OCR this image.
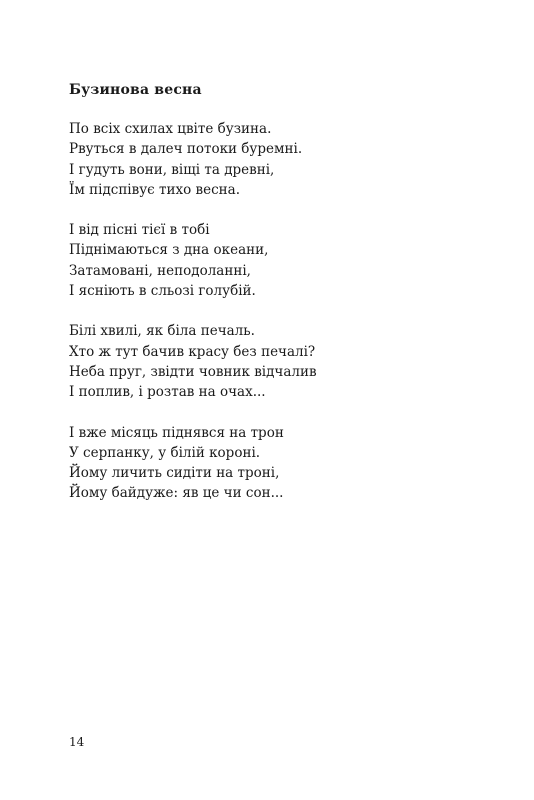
Бузинова весна
По всіх схилах цвіте бузина.
Рвуться в далеч потоки буремні.
І гудуть вони, віщі та древні,
Їм підспівує тихо весна.
І від пісні тієї в тобі
Піднімаються з дна океани,
Затамовані, неподоланні,
І ясніють в сльозі голубій.
Білі хвилі, як біла печаль.
Хто ж тут бачив красу без печалі?
Неба пруг, звідти човник відчалив
І поплив, і розтав на очах...
І вже місяць піднявся на трон
У серпанку, у білій короні.
Йому личить сидіти на троні,
Йому байдуже: яв це чи сон...
14
